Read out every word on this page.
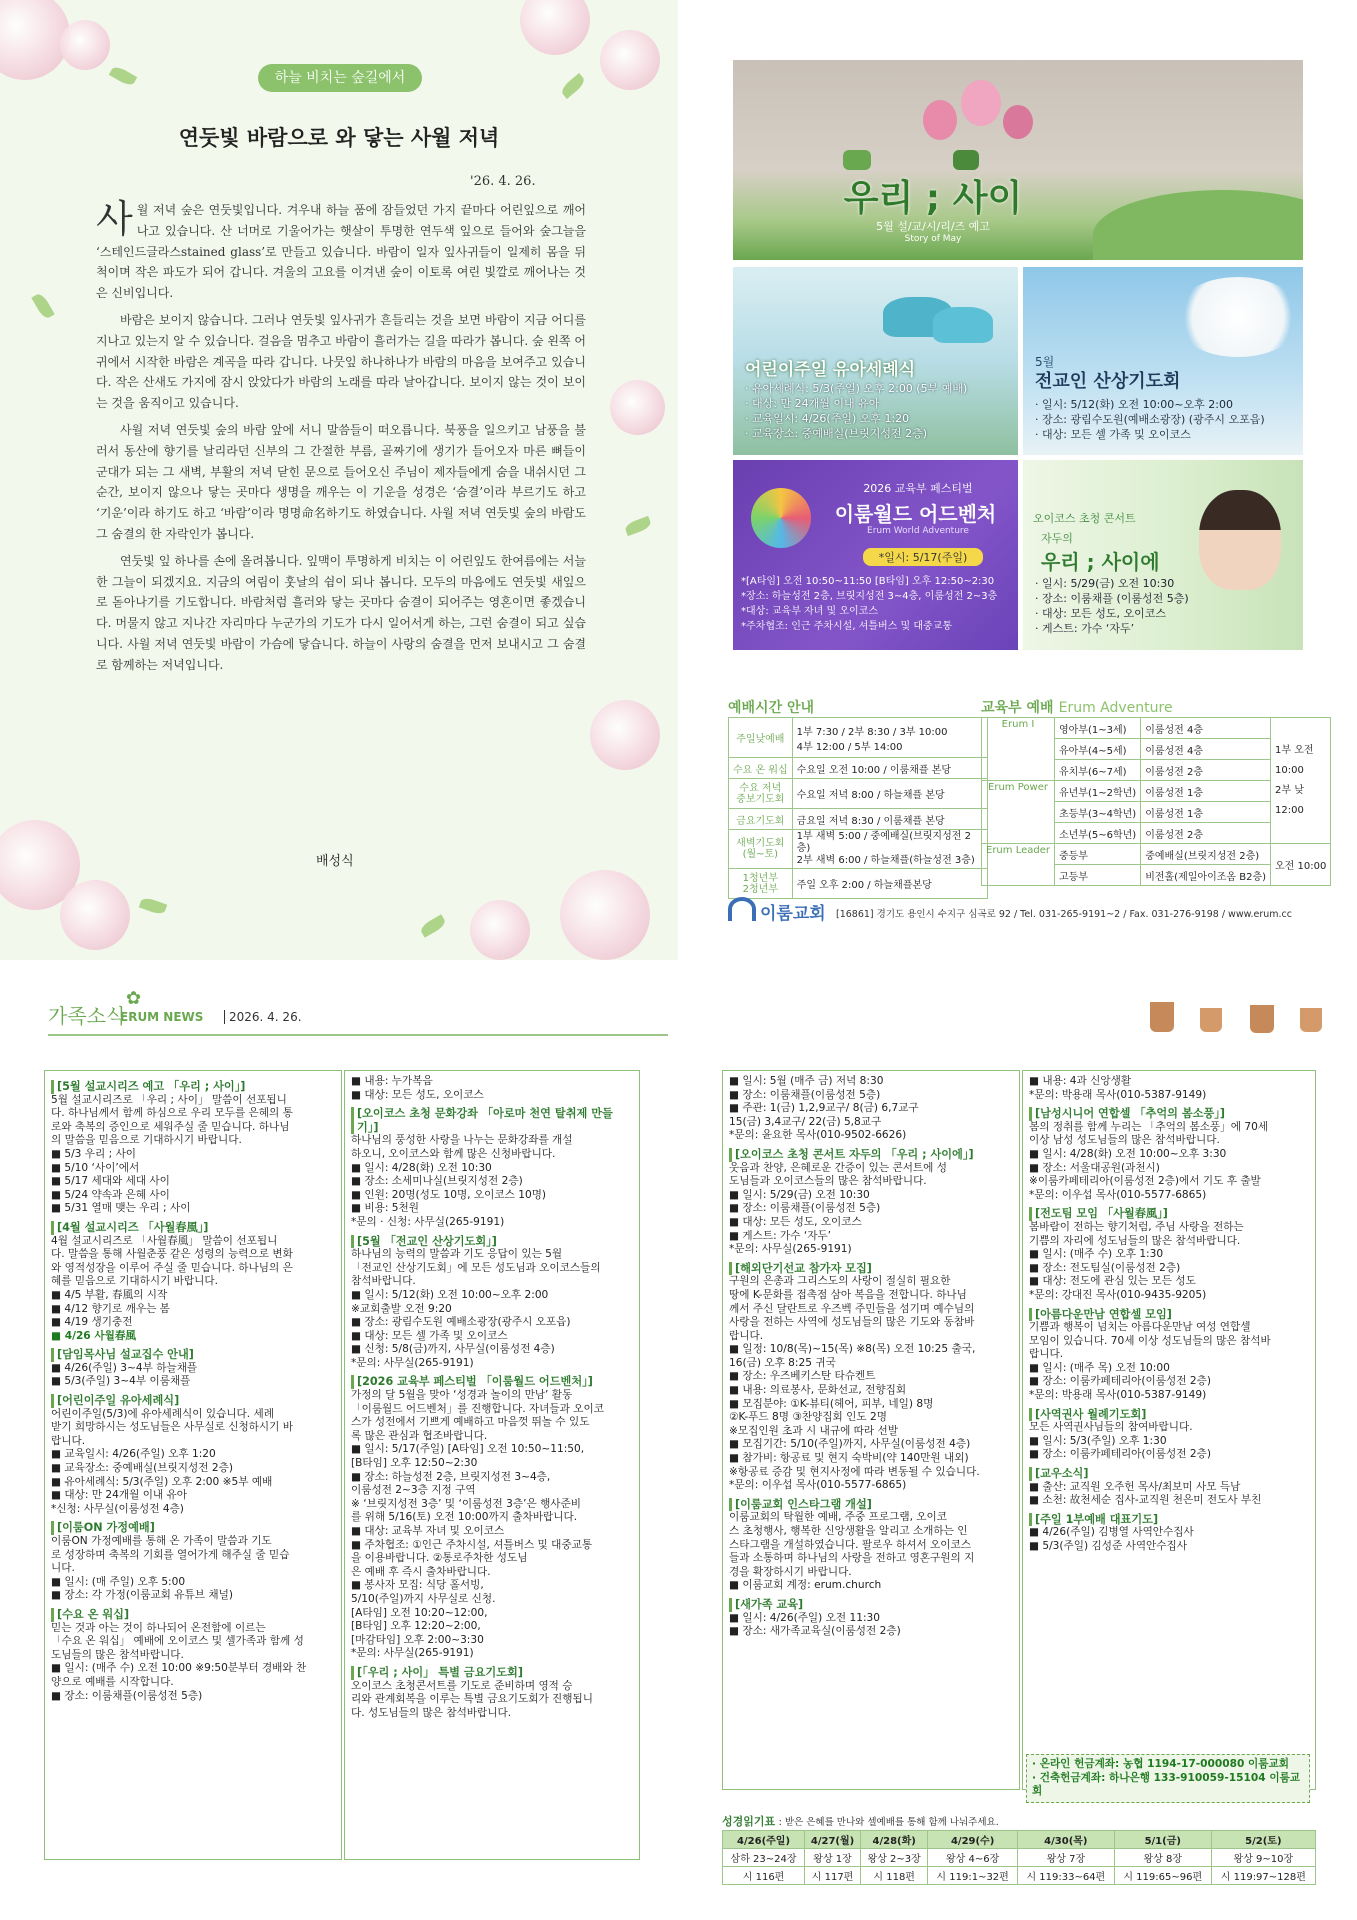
하늘 비치는 숲길에서
연둣빛 바람으로 와 닿는 사월 저녁
'26. 4. 26.

사월 저녁 숲은 연둣빛입니다. 겨우내 하늘 품에 잠들었던 가지 끝마다 어린잎으로 깨어나고 있습니다. 산 너머로 기울어가는 햇살이 투명한 연두색 잎으로 들어와 숲그늘을 ‘스테인드글라스stained glass’로 만들고 있습니다. 바람이 일자 잎사귀들이 일제히 몸을 뒤척이며 작은 파도가 되어 갑니다. 겨울의 고요를 이겨낸 숲이 이토록 여린 빛깔로 깨어나는 것은 신비입니다.

바람은 보이지 않습니다. 그러나 연둣빛 잎사귀가 흔들리는 것을 보면 바람이 지금 어디를 지나고 있는지 알 수 있습니다. 걸음을 멈추고 바람이 흘러가는 길을 따라가 봅니다. 숲 왼쪽 어귀에서 시작한 바람은 계곡을 따라 갑니다. 나뭇잎 하나하나가 바람의 마음을 보여주고 있습니다. 작은 산새도 가지에 잠시 앉았다가 바람의 노래를 따라 날아갑니다. 보이지 않는 것이 보이는 것을 움직이고 있습니다.

사월 저녁 연둣빛 숲의 바람 앞에 서니 말씀들이 떠오릅니다. 북풍을 일으키고 남풍을 불러서 동산에 향기를 날리라던 신부의 그 간절한 부름, 골짜기에 생기가 들어오자 마른 뼈들이 군대가 되는 그 새벽, 부활의 저녁 닫힌 문으로 들어오신 주님이 제자들에게 숨을 내쉬시던 그 순간, 보이지 않으나 닿는 곳마다 생명을 깨우는 이 기운을 성경은 ‘숨결’이라 부르기도 하고 ‘기운’이라 하기도 하고 ‘바람’이라 명명命名하기도 하였습니다. 사월 저녁 연둣빛 숲의 바람도 그 숨결의 한 자락인가 봅니다.

연둣빛 잎 하나를 손에 올려봅니다. 잎맥이 투명하게 비치는 이 어린잎도 한여름에는 서늘한 그늘이 되겠지요. 지금의 여림이 훗날의 쉼이 되나 봅니다. 모두의 마음에도 연둣빛 새잎으로 돋아나기를 기도합니다. 바람처럼 흘러와 닿는 곳마다 숨결이 되어주는 영혼이면 좋겠습니다. 머물지 않고 지나간 자리마다 누군가의 기도가 다시 일어서게 하는, 그런 숨결이 되고 싶습니다. 사월 저녁 연둣빛 바람이 가슴에 닿습니다. 하늘이 사랑의 숨결을 먼저 보내시고 그 숨결로 함께하는 저녁입니다.

배성식
우리 ; 사이
5월 설/교/시/리/즈 예고
Story of May
어린이주일 유아세례식
· 유아세례식: 5/3(주일) 오후 2:00 (5부 예배)
· 대상: 만 24개월 이내 유아
· 교육일시: 4/26(주일) 오후 1:20
· 교육장소: 중예배실(브릿지성전 2층)
5월
전교인 산상기도회
· 일시: 5/12(화) 오전 10:00~오후 2:00
· 장소: 광림수도원(예배소광장) (광주시 오포읍)
· 대상: 모든 셀 가족 및 오이코스
2026 교육부 페스티벌
이룸월드 어드벤처
Erum World Adventure
*일시: 5/17(주일)
*[A타임] 오전 10:50~11:50 [B타임] 오후 12:50~2:30
*장소: 하늘성전 2층, 브릿지성전 3~4층, 이룸성전 2~3층
*대상: 교육부 자녀 및 오이코스
*주차협조: 인근 주차시설, 셔틀버스 및 대중교통
오이코스 초청 콘서트
자두의
우리 ; 사이에
· 일시: 5/29(금) 오전 10:30
· 장소: 이룸채플 (이룸성전 5층)
· 대상: 모든 성도, 오이코스
· 게스트: 가수 ‘자두’
예배시간 안내
주일낮예배	1부 7:30 / 2부 8:30 / 3부 10:00
4부 12:00 / 5부 14:00
수요 온 워십	수요일 오전 10:00 / 이룸채플 본당
수요 저녁
중보기도회	수요일 저녁 8:00 / 하늘채플 본당
금요기도회	금요일 저녁 8:30 / 이룸채플 본당
새벽기도회
(월~토)	1부 새벽 5:00 / 중예배실(브릿지성전 2층)
2부 새벽 6:00 / 하늘채플(하늘성전 3층)
1청년부
2청년부	주일 오후 2:00 / 하늘채플본당
교육부 예배 Erum Adventure
Erum I	영아부(1~3세)	이룸성전 4층	1부 오전 10:00
2부 낮 12:00
	유아부(4~5세)	이룸성전 4층	
	유치부(6~7세)	이룸성전 2층	
Erum Power	유년부(1~2학년)	이룸성전 1층	
	초등부(3~4학년)	이룸성전 1층	
	소년부(5~6학년)	이룸성전 2층	
Erum Leader	중등부	중예배실(브릿지성전 2층)	오전 10:00
	고등부	비전홀(제일아이조옴 B2층)	
이룸교회 [16861] 경기도 용인시 수지구 심곡로 92 / Tel. 031-265-9191~2 / Fax. 031-276-9198 / www.erum.cc
가족소식
✿
ERUM NEWS	2026. 4. 26.
[5월 설교시리즈 예고 「우리 ; 사이」]
5월 설교시리즈로 「우리 ; 사이」 말씀이 선포됩니
다. 하나님께서 함께 하심으로 우리 모두를 은혜의 통
로와 축복의 증인으로 세워주실 줄 믿습니다. 하나님
의 말씀을 믿음으로 기대하시기 바랍니다.
■ 5/3 우리 ; 사이
■ 5/10 ‘사이’에서
■ 5/17 세대와 세대 사이
■ 5/24 약속과 은혜 사이
■ 5/31 열매 맺는 우리 ; 사이
[4월 설교시리즈 「사월春風」]
4월 설교시리즈로 「사월春風」 말씀이 선포됩니
다. 말씀을 통해 사월춘풍 같은 성령의 능력으로 변화
와 영적성장을 이루어 주실 줄 믿습니다. 하나님의 은
혜를 믿음으로 기대하시기 바랍니다.
■ 4/5 부활, 春風의 시작
■ 4/12 향기로 깨우는 봄
■ 4/19 생기충전
■ 4/26 사월春風
[담임목사님 설교집수 안내]
■ 4/26(주일) 3~4부 하늘채플
■ 5/3(주일) 3~4부 이룸채플
[어린이주일 유아세례식]
어린이주일(5/3)에 유아세례식이 있습니다. 세례
받기 희망하시는 성도님들은 사무실로 신청하시기 바
랍니다.
■ 교육일시: 4/26(주일) 오후 1:20
■ 교육장소: 중예배실(브릿지성전 2층)
■ 유아세례식: 5/3(주일) 오후 2:00 ※5부 예배
■ 대상: 만 24개월 이내 유아
*신청: 사무실(이룸성전 4층)
[이룸ON 가정예배]
이룸ON 가정예배를 통해 온 가족이 말씀과 기도
로 성장하며 축복의 기회를 열어가게 해주실 줄 믿습
니다.
■ 일시: (매 주일) 오후 5:00
■ 장소: 각 가정(이룸교회 유튜브 채널)
[수요 온 워십]
믿는 것과 아는 것이 하나되어 온전함에 이르는
「수요 온 워십」 예배에 오이코스 및 셀가족과 함께 성
도님들의 많은 참석바랍니다.
■ 일시: (매주 수) 오전 10:00 ※9:50분부터 경배와 찬
양으로 예배를 시작합니다.
■ 장소: 이룸채플(이룸성전 5층)
■ 내용: 누가복음
■ 대상: 모든 성도, 오이코스
[오이코스 초청 문화강좌 「아로마 천연 탈취제 만들기」]
하나님의 풍성한 사랑을 나누는 문화강좌를 개설
하오니, 오이코스와 함께 많은 신청바랍니다.
■ 일시: 4/28(화) 오전 10:30
■ 장소: 소세미나실(브릿지성전 2층)
■ 인원: 20명(성도 10명, 오이코스 10명)
■ 비용: 5천원
*문의 · 신청: 사무실(265-9191)
[5월 「전교인 산상기도회」]
하나님의 능력의 말씀과 기도 응답이 있는 5월
「전교인 산상기도회」에 모든 성도님과 오이코스들의
참석바랍니다.
■ 일시: 5/12(화) 오전 10:00~오후 2:00
※교회출발 오전 9:20
■ 장소: 광림수도원 예배소광장(광주시 오포읍)
■ 대상: 모든 셀 가족 및 오이코스
■ 신청: 5/8(금)까지, 사무실(이룸성전 4층)
*문의: 사무실(265-9191)
[2026 교육부 페스티벌 「이룸월드 어드벤처」]
가정의 달 5월을 맞아 ‘성경과 놀이의 만남’ 활동
「이룸월드 어드벤처」를 진행합니다. 자녀들과 오이코
스가 성전에서 기쁘게 예배하고 마음껏 뛰놀 수 있도
록 많은 관심과 협조바랍니다.
■ 일시: 5/17(주일) [A타임] 오전 10:50~11:50,
[B타임] 오후 12:50~2:30
■ 장소: 하늘성전 2층, 브릿지성전 3~4층,
이룸성전 2~3층 지정 구역
※ ‘브릿지성전 3층’ 및 ‘이룸성전 3층’은 행사준비
를 위해 5/16(토) 오전 10:00까지 출차바랍니다.
■ 대상: 교육부 자녀 및 오이코스
■ 주차협조: ①인근 주차시설, 셔틀버스 및 대중교통
을 이용바랍니다. ②통로주차한 성도님
은 예배 후 즉시 출차바랍니다.
■ 봉사자 모집: 식당 홀서빙,
5/10(주일)까지 사무실로 신청.
[A타임] 오전 10:20~12:00,
[B타임] 오후 12:20~2:00,
[마감타임] 오후 2:00~3:30
*문의: 사무실(265-9191)
[「우리 ; 사이」 특별 금요기도회]
오이코스 초청콘서트를 기도로 준비하며 영적 승
리와 관계회복을 이루는 특별 금요기도회가 진행됩니
다. 성도님들의 많은 참석바랍니다.
■ 일시: 5월 (매주 금) 저녁 8:30
■ 장소: 이룸채플(이룸성전 5층)
■ 주관: 1(금) 1,2,9교구/ 8(금) 6,7교구
15(금) 3,4교구/ 22(금) 5,8교구
*문의: 윤요한 목사(010-9502-6626)
[오이코스 초청 콘서트 자두의 「우리 ; 사이에」]
웃음과 찬양, 은혜로운 간증이 있는 콘서트에 성
도님들과 오이코스들의 많은 참석바랍니다.
■ 일시: 5/29(금) 오전 10:30
■ 장소: 이룸채플(이룸성전 5층)
■ 대상: 모든 성도, 오이코스
■ 게스트: 가수 ‘자두’
*문의: 사무실(265-9191)
[해외단기선교 참가자 모집]
구원의 은총과 그리스도의 사랑이 절실히 필요한
땅에 K-문화를 접촉점 삼아 복음을 전합니다. 하나님
께서 주신 달란트로 우즈벡 주민들을 섬기며 예수님의
사랑을 전하는 사역에 성도님들의 많은 기도와 동참바
랍니다.
■ 일정: 10/8(목)~15(목) ※8(목) 오전 10:25 출국,
16(금) 오후 8:25 귀국
■ 장소: 우즈베키스탄 타슈켄트
■ 내용: 의료봉사, 문화선교, 전향집회
■ 모집분야: ①K-뷰티(헤어, 피부, 네일) 8명
②K-푸드 8명 ③찬양집회 인도 2명
※모집인원 초과 시 내규에 따라 선발
■ 모집기간: 5/10(주일)까지, 사무실(이룸성전 4층)
■ 참가비: 항공료 및 현지 숙박비(약 140만원 내외)
※항공료 증감 및 현지사정에 따라 변동될 수 있습니다.
*문의: 이우섭 목사(010-5577-6865)
[이룸교회 인스타그램 개설]
이룸교회의 탁월한 예배, 주중 프로그램, 오이코
스 초청행사, 행복한 신앙생활을 알리고 소개하는 인
스타그램을 개설하였습니다. 팔로우 하셔서 오이코스
들과 소통하며 하나님의 사랑을 전하고 영혼구원의 지
경을 확장하시기 바랍니다.
■ 이룸교회 계정: erum.church
[새가족 교육]
■ 일시: 4/26(주일) 오전 11:30
■ 장소: 새가족교육실(이룸성전 2층)
■ 내용: 4과 신앙생활
*문의: 박용래 목사(010-5387-9149)
[남성시니어 연합셀 「추억의 봄소풍」]
봄의 정취를 함께 누리는 「추억의 봄소풍」에 70세
이상 남성 성도님들의 많은 참석바랍니다.
■ 일시: 4/28(화) 오전 10:00~오후 3:30
■ 장소: 서울대공원(과천시)
※이룸카페테리아(이룸성전 2층)에서 기도 후 출발
*문의: 이우섭 목사(010-5577-6865)
[전도팀 모임 「사월春風」]
봄바람이 전하는 향기처럼, 주님 사랑을 전하는
기쁨의 자리에 성도님들의 많은 참석바랍니다.
■ 일시: (매주 수) 오후 1:30
■ 장소: 전도팀실(이룸성전 2층)
■ 대상: 전도에 관심 있는 모든 성도
*문의: 강대진 목사(010-9435-9205)
[아름다운만남 연합셀 모임]
기쁨과 행복이 넘치는 아름다운만남 여성 연합셀
모임이 있습니다. 70세 이상 성도님들의 많은 참석바
랍니다.
■ 일시: (매주 목) 오전 10:00
■ 장소: 이룸카페테리아(이룸성전 2층)
*문의: 박용래 목사(010-5387-9149)
[사역권사 월례기도회]
모든 사역권사님들의 참여바랍니다.
■ 일시: 5/3(주일) 오후 1:30
■ 장소: 이룸카페테리아(이룸성전 2층)
[교우소식]
■ 출산: 교직원 오주헌 목사/최보미 사모 득남
■ 소천: 故천세순 집사-교직원 천은미 전도사 부친
[주일 1부예배 대표기도]
■ 4/26(주일) 김병열 사역안수집사
■ 5/3(주일) 김성준 사역안수집사
· 온라인 헌금계좌: 농협 1194-17-000080 이룸교회
· 건축헌금계좌: 하나은행 133-910059-15104 이룸교회
성경읽기표 : 받은 은혜를 만나와 셀예배를 통해 함께 나눠주세요.
4/26(주일)	4/27(월)	4/28(화)	4/29(수)	4/30(목)	5/1(금)	5/2(토)
삼하 23~24장	왕상 1장	왕상 2~3장	왕상 4~6장	왕상 7장	왕상 8장	왕상 9~10장
시 116편	시 117편	시 118편	시 119:1~32편	시 119:33~64편	시 119:65~96편	시 119:97~128편
